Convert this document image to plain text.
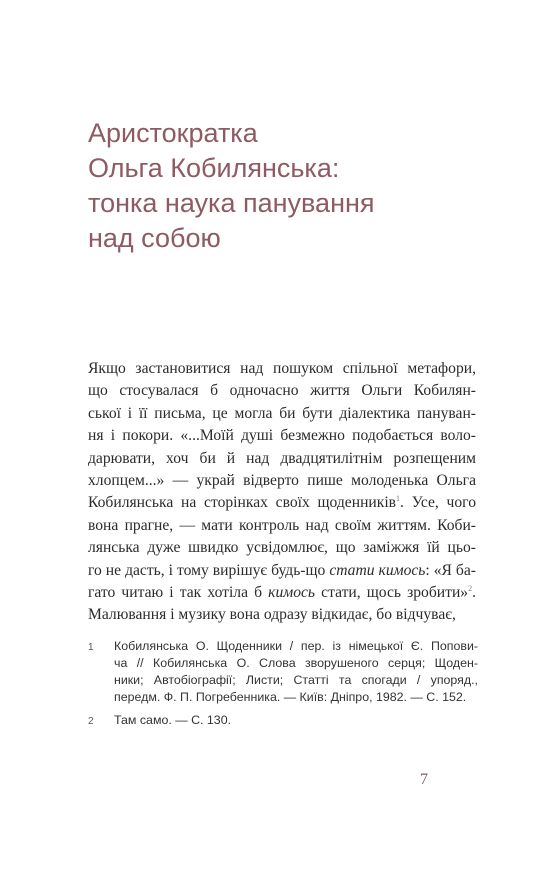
Аристократка
Ольга Кобилянська:
тонка наука панування
над собою
Якщо застановитися над пошуком спільної метафори,
що стосувалася б одночасно життя Ольги Кобилян-
ської і її письма, це могла би бути діалектика пануван-
ня і покори. «...Моїй душі безмежно подобається воло-
дарювати, хоч би й над двадцятилітнім розпещеним
хлопцем...» — украй відверто пише молоденька Ольга
Кобилянська на сторінках своїх щоденників$^1$. Усе, чого
вона прагне, — мати контроль над своїм життям. Коби-
лянська дуже швидко усвідомлює, що заміжжя їй цьо-
го не дасть, і тому вирішує будь-що стати кимось: «Я ба-
гато читаю і так хотіла б кимось стати, щось зробити»$^2$.
Малювання і музику вона одразу відкидає, бо відчуває,
1 Кобилянська О. Щоденники / пер. із німецької Є. Попови-
ча // Кобилянська О. Слова зворушеного серця; Щоден-
ники; Автобіографії; Листи; Статті та спогади / упоряд.,
передм. Ф. П. Погребенника. — Київ: Дніпро, 1982. — С. 152.
2 Там само. — С. 130.
7
